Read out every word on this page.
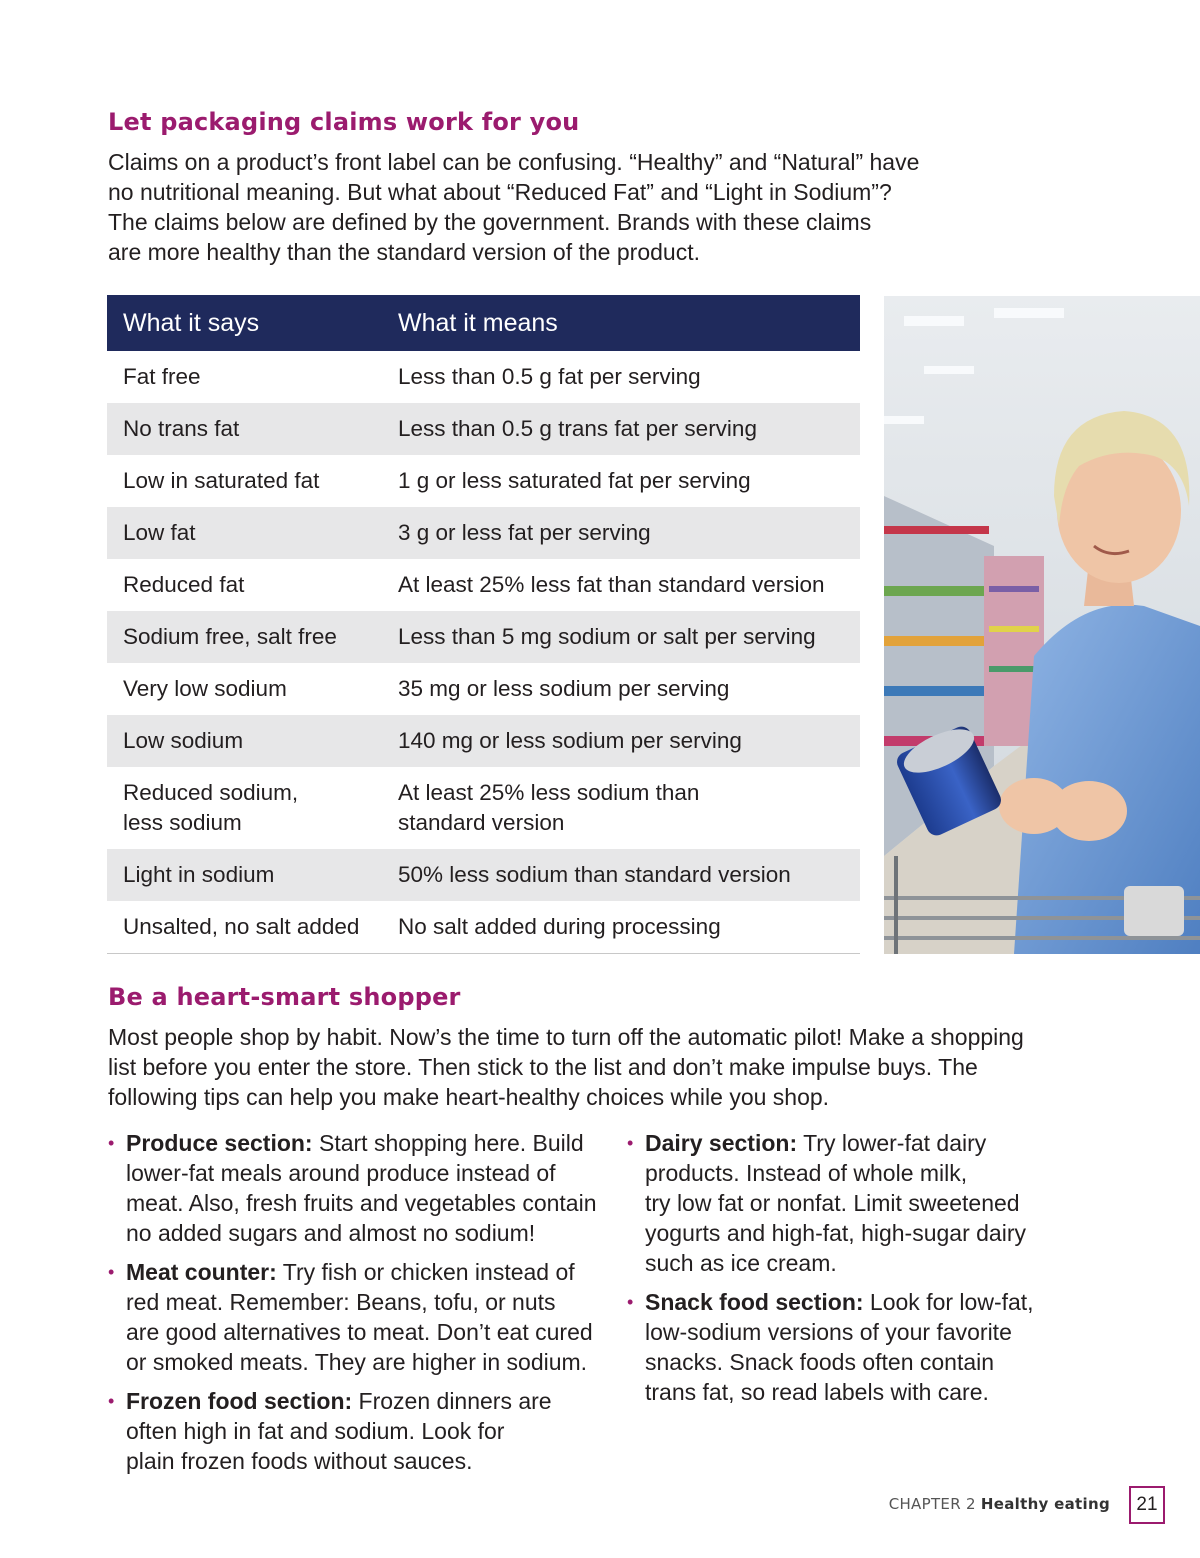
Let packaging claims work for you

Claims on a product’s front label can be confusing. “Healthy” and “Natural” have
no nutritional meaning. But what about “Reduced Fat” and “Light in Sodium”?
The claims below are defined by the government. Brands with these claims
are more healthy than the standard version of the product.

What it says	What it means
Fat free	Less than 0.5 g fat per serving
No trans fat	Less than 0.5 g trans fat per serving
Low in saturated fat	1 g or less saturated fat per serving
Low fat	3 g or less fat per serving
Reduced fat	At least 25% less fat than standard version
Sodium free, salt free	Less than 5 mg sodium or salt per serving
Very low sodium	35 mg or less sodium per serving
Low sodium	140 mg or less sodium per serving
Reduced sodium,
less sodium	At least 25% less sodium than
standard version
Light in sodium	50% less sodium than standard version
Unsalted, no salt added	No salt added during processing
Be a heart-smart shopper

Most people shop by habit. Now’s the time to turn off the automatic pilot! Make a shopping
list before you enter the store. Then stick to the list and don’t make impulse buys. The
following tips can help you make heart-healthy choices while you shop.

• Produce section: Start shopping here. Build
lower-fat meals around produce instead of
meat. Also, fresh fruits and vegetables contain
no added sugars and almost no sodium!
• Meat counter: Try fish or chicken instead of
red meat. Remember: Beans, tofu, or nuts
are good alternatives to meat. Don’t eat cured
or smoked meats. They are higher in sodium.
• Frozen food section: Frozen dinners are
often high in fat and sodium. Look for
plain frozen foods without sauces.
• Dairy section: Try lower-fat dairy
products. Instead of whole milk,
try low fat or nonfat. Limit sweetened
yogurts and high-fat, high-sugar dairy
such as ice cream.
• Snack food section: Look for low-fat,
low-sodium versions of your favorite
snacks. Snack foods often contain
trans fat, so read labels with care.
CHAPTER 2 Healthy eating	21
